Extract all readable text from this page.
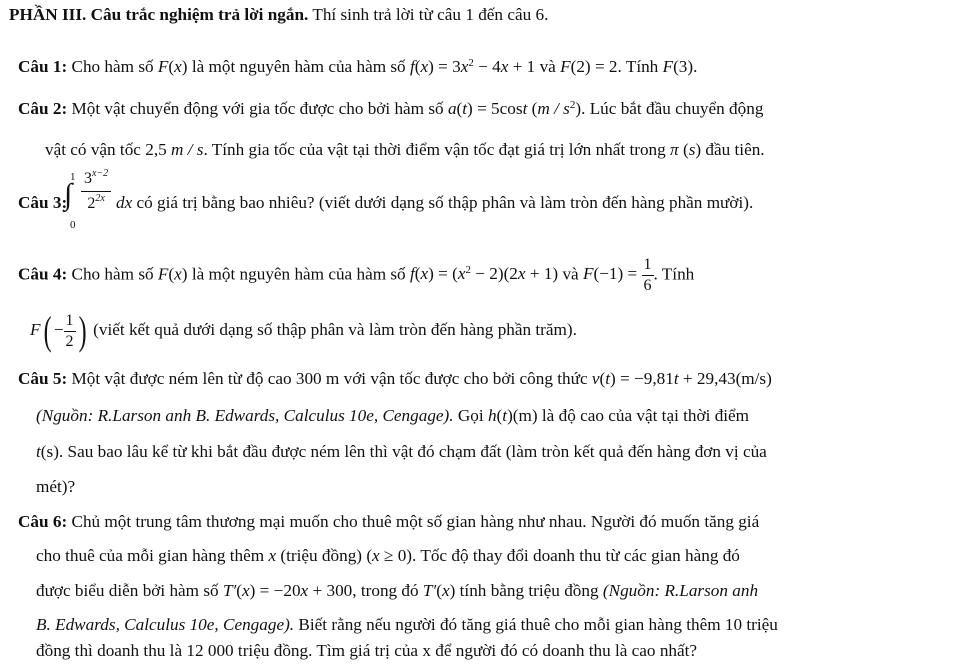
PHẦN III. Câu trắc nghiệm trả lời ngắn. Thí sinh trả lời từ câu 1 đến câu 6.
Câu 1: Cho hàm số F(x) là một nguyên hàm của hàm số $f(x) = 3x^2 - 4x + 1$ và F(2) = 2. Tính F(3).
Câu 2: Một vật chuyển động với gia tốc được cho bởi hàm số a(t) = 5cost $(m / s^2)$. Lúc bắt đầu chuyển động
vật có vận tốc 2,5 m / s. Tính gia tốc của vật tại thời điểm vận tốc đạt giá trị lớn nhất trong π (s) đầu tiên.
Câu 3:
1
∫
0
$\frac{3^{x-2}}{2^{2x}}$ dx có giá trị bằng bao nhiêu? (viết dưới dạng số thập phân và làm tròn đến hàng phần mười).
Câu 4: Cho hàm số F(x) là một nguyên hàm của hàm số $f(x) = (x^2 - 2)(2x + 1)$ và $F(-1) = \frac{1}{6}$ . Tính
$F( - \frac{1}{2}$ ) (viết kết quả dưới dạng số thập phân và làm tròn đến hàng phần trăm).
Câu 5: Một vật được ném lên từ độ cao 300 m với vận tốc được cho bởi công thức v(t) = −9,81t + 29,43(m/s)
(Nguồn: R.Larson anh B. Edwards, Calculus 10e, Cengage). Gọi h(t)(m) là độ cao của vật tại thời điểm
t(s). Sau bao lâu kể từ khi bắt đầu được ném lên thì vật đó chạm đất (làm tròn kết quả đến hàng đơn vị của
mét)?
Câu 6: Chủ một trung tâm thương mại muốn cho thuê một số gian hàng như nhau. Người đó muốn tăng giá
cho thuê của mỗi gian hàng thêm x (triệu đồng) (x ≥ 0). Tốc độ thay đổi doanh thu từ các gian hàng đó
được biểu diễn bởi hàm số T′(x) = −20x + 300, trong đó T′(x) tính bằng triệu đồng (Nguồn: R.Larson anh
B. Edwards, Calculus 10e, Cengage). Biết rằng nếu người đó tăng giá thuê cho mỗi gian hàng thêm 10 triệu
đồng thì doanh thu là 12 000 triệu đồng. Tìm giá trị của x để người đó có doanh thu là cao nhất?
